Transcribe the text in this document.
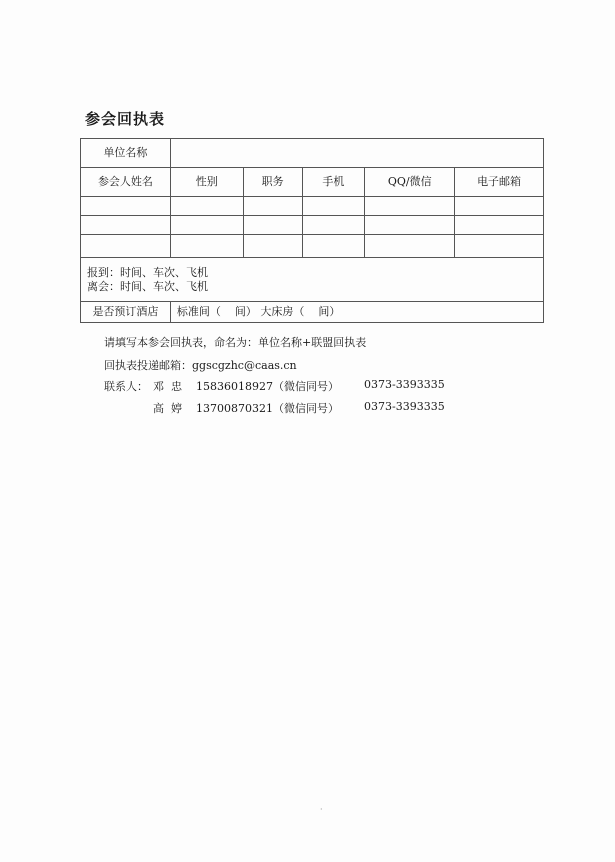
参会回执表
单位名称					
参会人姓名	性别	职务	手机	QQ/微信	电子邮箱

报到：时间、车次、飞机
离会：时间、车次、飞机					

是否预订酒店	标准间（    间） 大床房（    间）				
请填写本参会回执表，命名为：单位名称+联盟回执表
回执表投递邮箱：ggscgzhc@caas.cn
联系人： 邓  忠 15836018927（微信同号） 0373-3393335
高  婷 13700870321（微信同号） 0373-3393335
·
